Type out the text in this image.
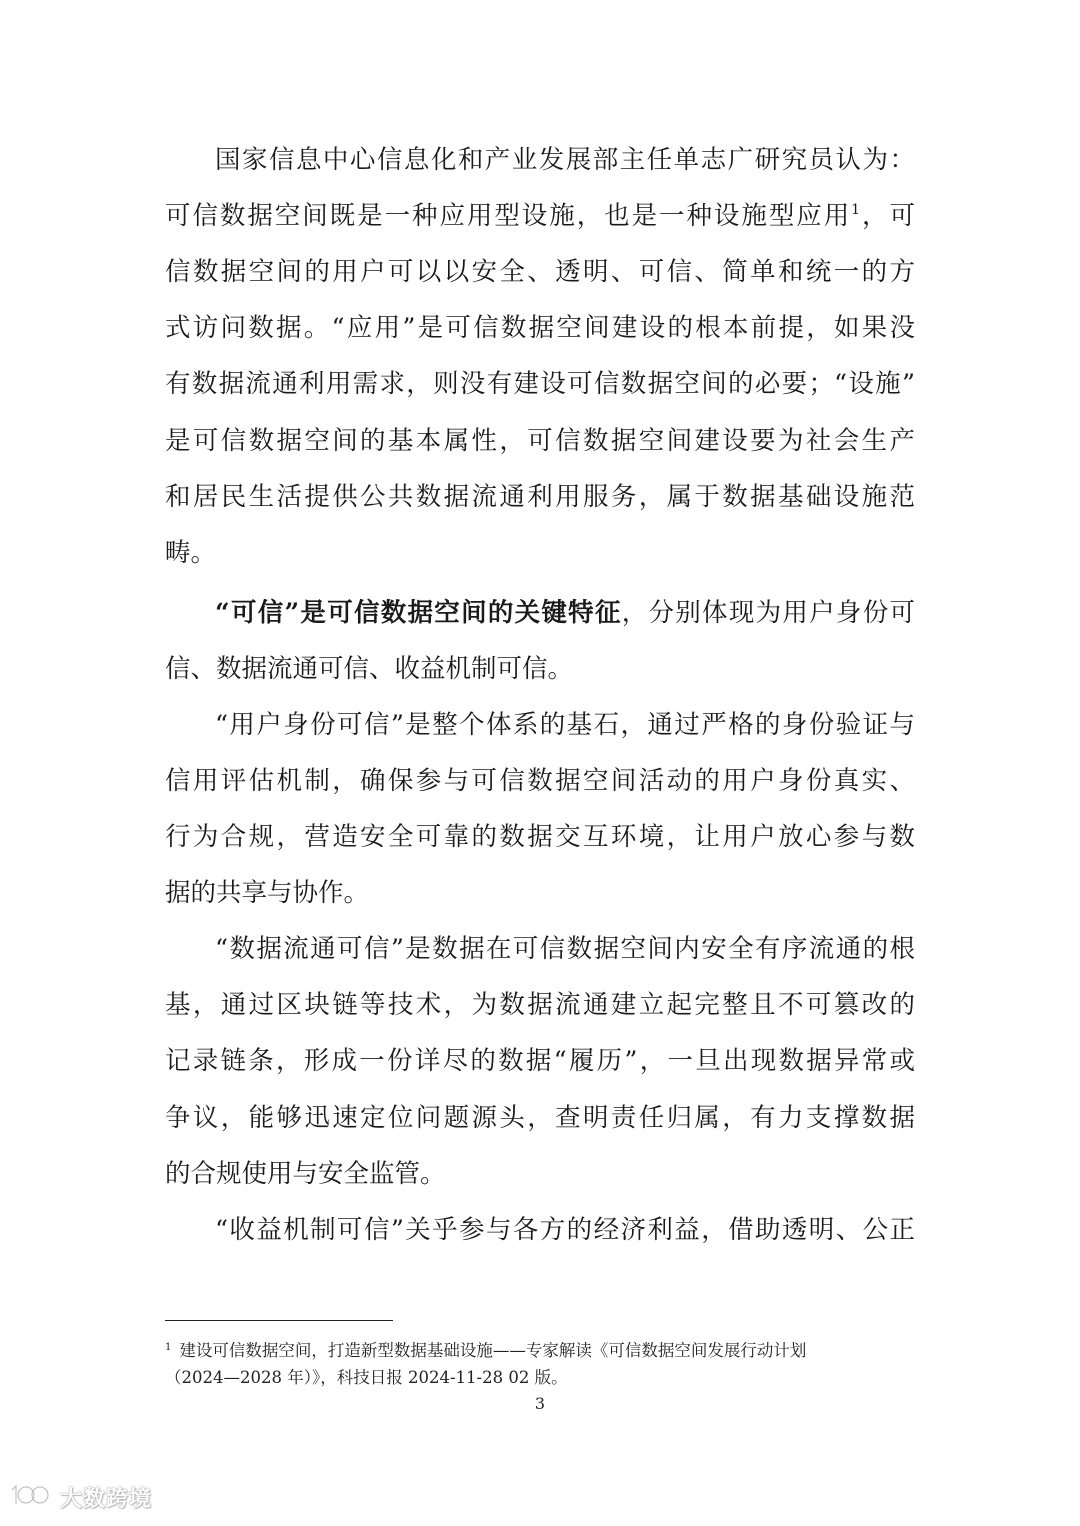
国家信息中心信息化和产业发展部主任单志广研究员认为：
可信数据空间既是一种应用型设施，也是一种设施型应用$^1$，可
信数据空间的用户可以以安全、透明、可信、简单和统一的方
式访问数据。“应用”是可信数据空间建设的根本前提，如果没
有数据流通利用需求，则没有建设可信数据空间的必要；“设施”
是可信数据空间的基本属性，可信数据空间建设要为社会生产
和居民生活提供公共数据流通利用服务，属于数据基础设施范
畴。
“可信”是可信数据空间的关键特征，分别体现为用户身份可
信、数据流通可信、收益机制可信。
“用户身份可信”是整个体系的基石，通过严格的身份验证与
信用评估机制，确保参与可信数据空间活动的用户身份真实、
行为合规，营造安全可靠的数据交互环境，让用户放心参与数
据的共享与协作。
“数据流通可信”是数据在可信数据空间内安全有序流通的根
基，通过区块链等技术，为数据流通建立起完整且不可篡改的
记录链条，形成一份详尽的数据“履历”，一旦出现数据异常或
争议，能够迅速定位问题源头，查明责任归属，有力支撑数据
的合规使用与安全监管。
“收益机制可信”关乎参与各方的经济利益，借助透明、公正
$^1$ 建设可信数据空间，打造新型数据基础设施——专家解读《可信数据空间发展行动计划
（2024—2028 年）》，科技日报 2024-11-28 02 版。
3
大数跨境
